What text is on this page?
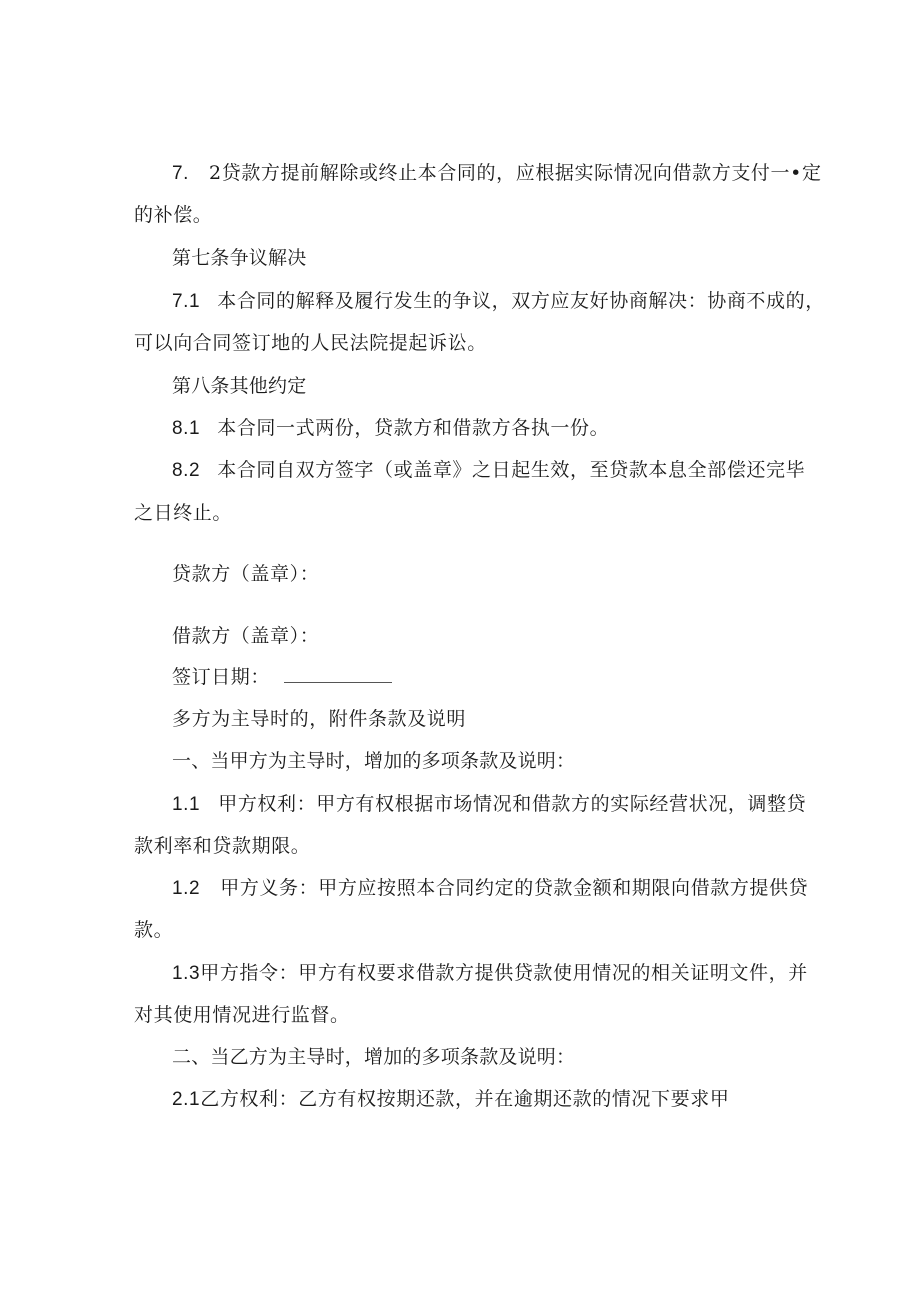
7. 2贷款方提前解除或终止本合同的，应根据实际情况向借款方支付一•定
的补偿。
第七条争议解决
7.1 本合同的解释及履行发生的争议，双方应友好协商解决：协商不成的，
可以向合同签订地的人民法院提起诉讼。
第八条其他约定
8.1 本合同一式两份，贷款方和借款方各执一份。
8.2 本合同自双方签字（或盖章》之日起生效，至贷款本息全部偿还完毕
之日终止。
贷款方（盖章）：
借款方（盖章）：
签订日期：
多方为主导时的，附件条款及说明
一、当甲方为主导时，增加的多项条款及说明：
1.1 甲方权利：甲方有权根据市场情况和借款方的实际经营状况，调整贷
款利率和贷款期限。
1.2 甲方义务：甲方应按照本合同约定的贷款金额和期限向借款方提供贷
款。
1.3甲方指令：甲方有权要求借款方提供贷款使用情况的相关证明文件，并
对其使用情况进行监督。
二、当乙方为主导时，增加的多项条款及说明：
2.1乙方权利：乙方有权按期还款，并在逾期还款的情况下要求甲
